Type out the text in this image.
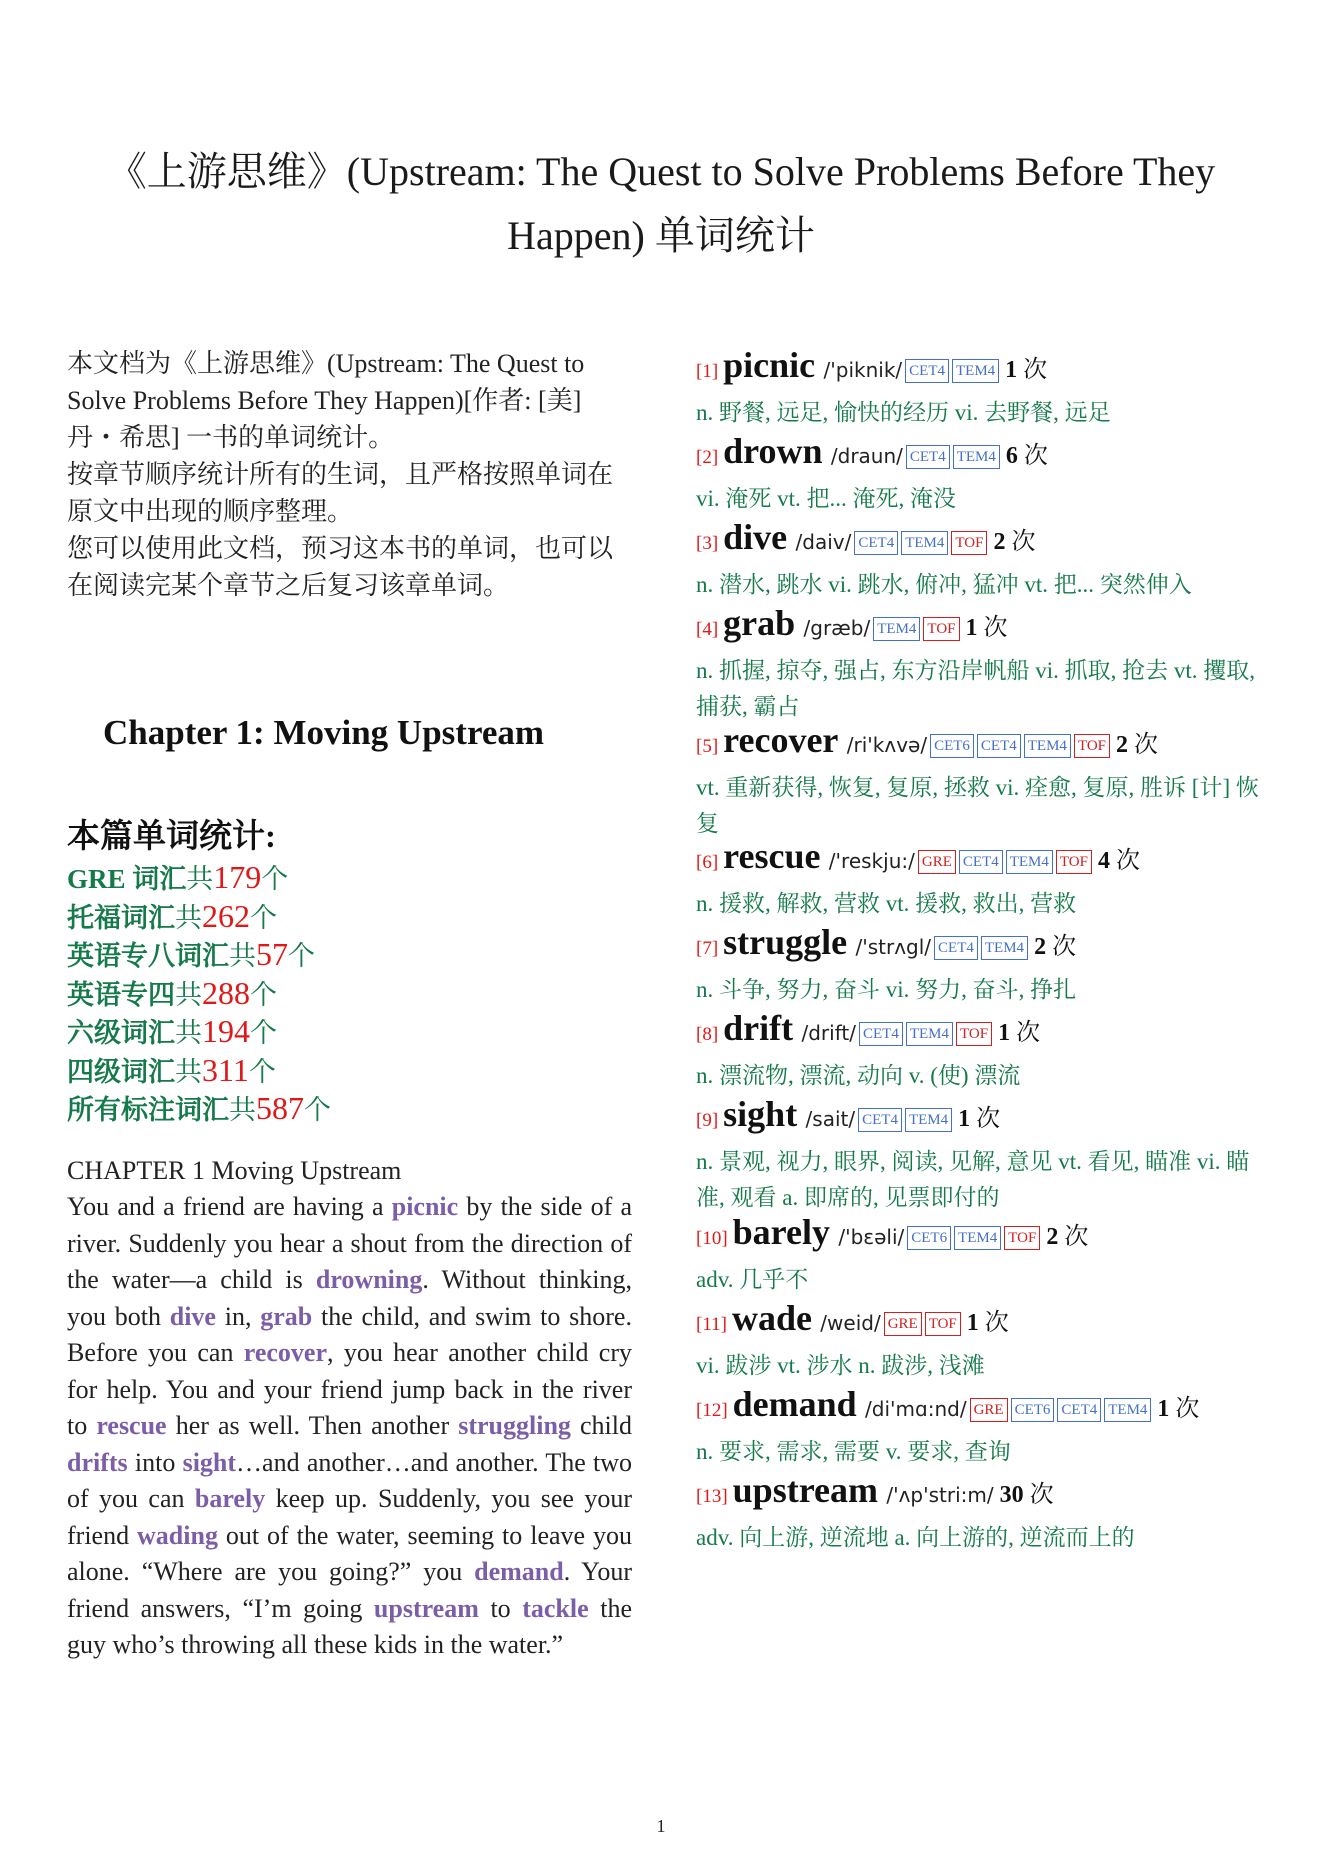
《上游思维》(Upstream: The Quest to Solve Problems Before They
Happen) 单词统计

本文档为《上游思维》(Upstream: The Quest to Solve Problems Before They Happen)[作者: [美] 丹・希思] 一书的单词统计。

按章节顺序统计所有的生词，且严格按照单词在原文中出现的顺序整理。

您可以使用此文档，预习这本书的单词，也可以在阅读完某个章节之后复习该章单词。

Chapter 1: Moving Upstream
本篇单词统计:
GRE 词汇共179个
托福词汇共262个
英语专八词汇共57个
英语专四共288个
六级词汇共194个
四级词汇共311个
所有标注词汇共587个
CHAPTER 1 Moving Upstream
You and a friend are having a picnic by the side of a river. Suddenly you hear a shout from the direction of the water—a child is drowning. Without thinking, you both dive in, grab the child, and swim to shore. Before you can recover, you hear another child cry for help. You and your friend jump back in the river to rescue her as well. Then another struggling child drifts into sight…and another…and another. The two of you can barely keep up. Suddenly, you see your friend wading out of the water, seeming to leave you alone. “Where are you going?” you demand. Your friend answers, “I’m going upstream to tackle the guy who’s throwing all these kids in the water.”
[1] picnic /'piknik/ CET4 TEM4 1 次
n. 野餐, 远足, 愉快的经历 vi. 去野餐, 远足
[2] drown /draun/ CET4 TEM4 6 次
vi. 淹死 vt. 把... 淹死, 淹没
[3] dive /daiv/ CET4 TEM4 TOF 2 次
n. 潜水, 跳水 vi. 跳水, 俯冲, 猛冲 vt. 把... 突然伸入
[4] grab /græb/ TEM4 TOF 1 次
n. 抓握, 掠夺, 强占, 东方沿岸帆船 vi. 抓取, 抢去 vt. 攫取, 捕获, 霸占
[5] recover /ri'kʌvə/ CET6 CET4 TEM4 TOF 2 次
vt. 重新获得, 恢复, 复原, 拯救 vi. 痊愈, 复原, 胜诉 [计] 恢复
[6] rescue /'reskju:/ GRE CET4 TEM4 TOF 4 次
n. 援救, 解救, 营救 vt. 援救, 救出, 营救
[7] struggle /'strʌgl/ CET4 TEM4 2 次
n. 斗争, 努力, 奋斗 vi. 努力, 奋斗, 挣扎
[8] drift /drift/ CET4 TEM4 TOF 1 次
n. 漂流物, 漂流, 动向 v. (使) 漂流
[9] sight /sait/ CET4 TEM4 1 次
n. 景观, 视力, 眼界, 阅读, 见解, 意见 vt. 看见, 瞄准 vi. 瞄准, 观看 a. 即席的, 见票即付的
[10] barely /'bɛəli/ CET6 TEM4 TOF 2 次
adv. 几乎不
[11] wade /weid/ GRE TOF 1 次
vi. 跋涉 vt. 涉水 n. 跋涉, 浅滩
[12] demand /di'mɑ:nd/ GRE CET6 CET4 TEM4 1 次
n. 要求, 需求, 需要 v. 要求, 查询
[13] upstream /'ʌp'stri:m/ 30 次
adv. 向上游, 逆流地 a. 向上游的, 逆流而上的
1
